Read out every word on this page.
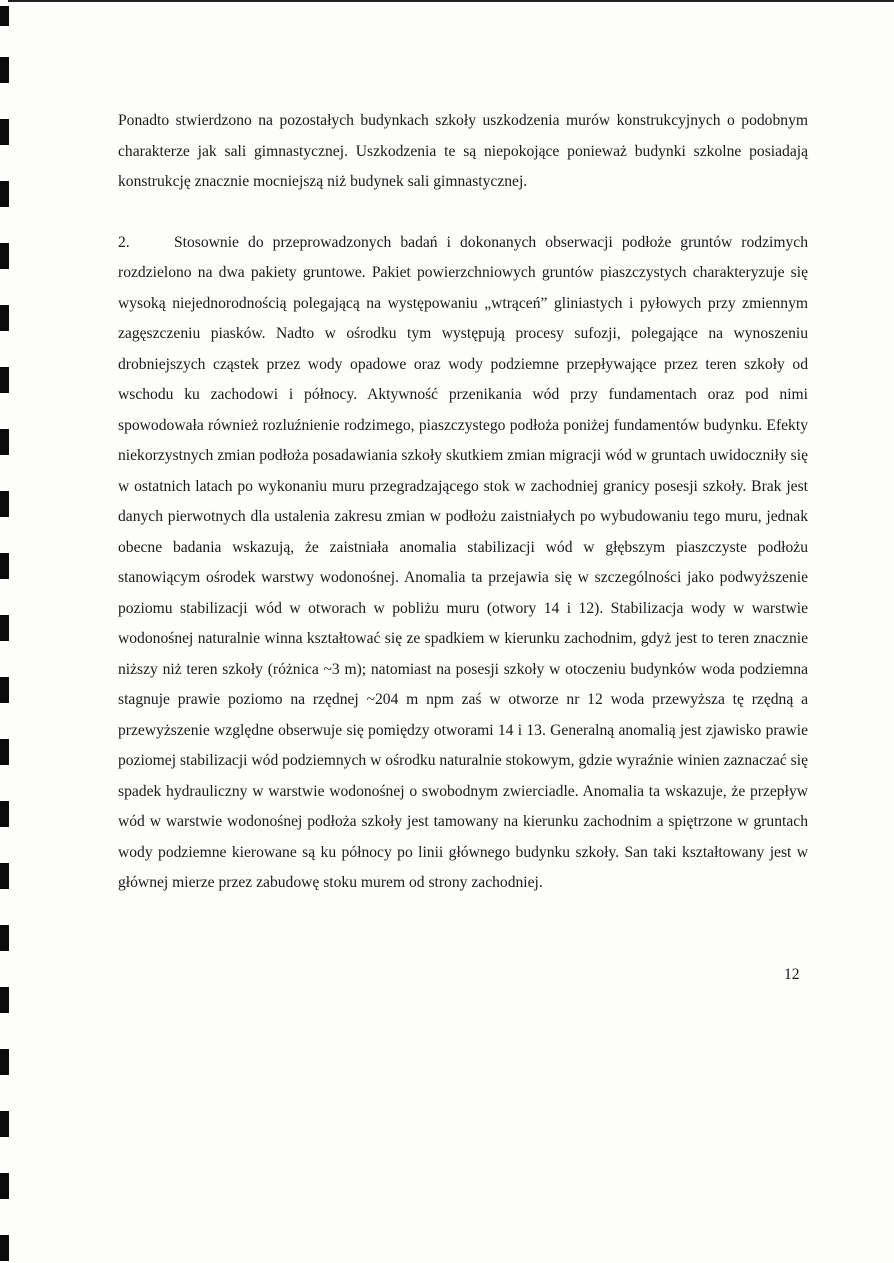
Ponadto stwierdzono na pozostałych budynkach szkoły uszkodzenia murów konstrukcyjnych o podobnym charakterze jak sali gimnastycznej. Uszkodzenia te są niepokojące ponieważ budynki szkolne posiadają konstrukcję znacznie mocniejszą niż budynek sali gimnastycznej.

2.	Stosownie do przeprowadzonych badań i dokonanych obserwacji podłoże gruntów rodzimych rozdzielono na dwa pakiety gruntowe. Pakiet powierzchniowych gruntów piaszczystych charakteryzuje się wysoką niejednorodnością polegającą na występowaniu „wtrąceń” gliniastych i pyłowych przy zmiennym zagęszczeniu piasków. Nadto w ośrodku tym występują procesy sufozji, polegające na wynoszeniu drobniejszych cząstek przez wody opadowe oraz wody podziemne przepływające przez teren szkoły od wschodu ku zachodowi i północy. Aktywność przenikania wód przy fundamentach oraz pod nimi spowodowała również rozluźnienie rodzimego, piaszczystego podłoża poniżej fundamentów budynku. Efekty niekorzystnych zmian podłoża posadawiania szkoły skutkiem zmian migracji wód w gruntach uwidoczniły się w ostatnich latach po wykonaniu muru przegradzającego stok w zachodniej granicy posesji szkoły. Brak jest danych pierwotnych dla ustalenia zakresu zmian w podłożu zaistniałych po wybudowaniu tego muru, jednak obecne badania wskazują, że zaistniała anomalia stabilizacji wód w głębszym piaszczyste podłożu stanowiącym ośrodek warstwy wodonośnej. Anomalia ta przejawia się w szczególności jako podwyższenie poziomu stabilizacji wód w otworach w pobliżu muru (otwory 14 i 12). Stabilizacja wody w warstwie wodonośnej naturalnie winna kształtować się ze spadkiem w kierunku zachodnim, gdyż jest to teren znacznie niższy niż teren szkoły (różnica ~3 m); natomiast na posesji szkoły w otoczeniu budynków woda podziemna stagnuje prawie poziomo na rzędnej ~204 m npm zaś w otworze nr 12 woda przewyższa tę rzędną a przewyższenie względne obserwuje się pomiędzy otworami 14 i 13. Generalną anomalią jest zjawisko prawie poziomej stabilizacji wód podziemnych w ośrodku naturalnie stokowym, gdzie wyraźnie winien zaznaczać się spadek hydrauliczny w warstwie wodonośnej o swobodnym zwierciadle. Anomalia ta wskazuje, że przepływ wód w warstwie wodonośnej podłoża szkoły jest tamowany na kierunku zachodnim a spiętrzone w gruntach wody podziemne kierowane są ku północy po linii głównego budynku szkoły. San taki kształtowany jest w głównej mierze przez zabudowę stoku murem od strony zachodniej.

12
